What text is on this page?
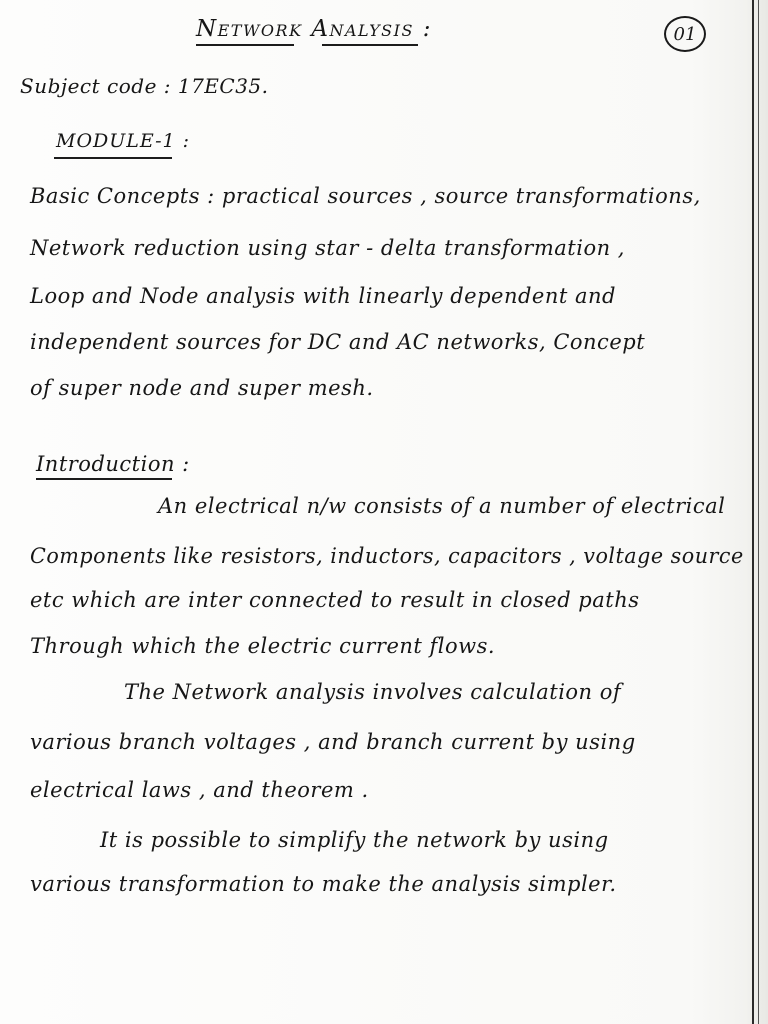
Network Analysis :	01
Subject code : 17EC35.
MODULE-1 :
Basic Concepts : practical sources , source transformations,
Network reduction using star - delta transformation ,
Loop and Node analysis with linearly dependent and
independent sources for DC and AC networks, Concept
of super node and super mesh.
Introduction :
An electrical n/w consists of a number of electrical
Components like resistors, inductors, capacitors , voltage source
etc which are inter connected to result in closed paths
Through which the electric current flows.
The Network analysis involves calculation of
various branch voltages , and branch current by using
electrical laws , and theorem .
It is possible to simplify the network by using
various transformation to make the analysis simpler.
